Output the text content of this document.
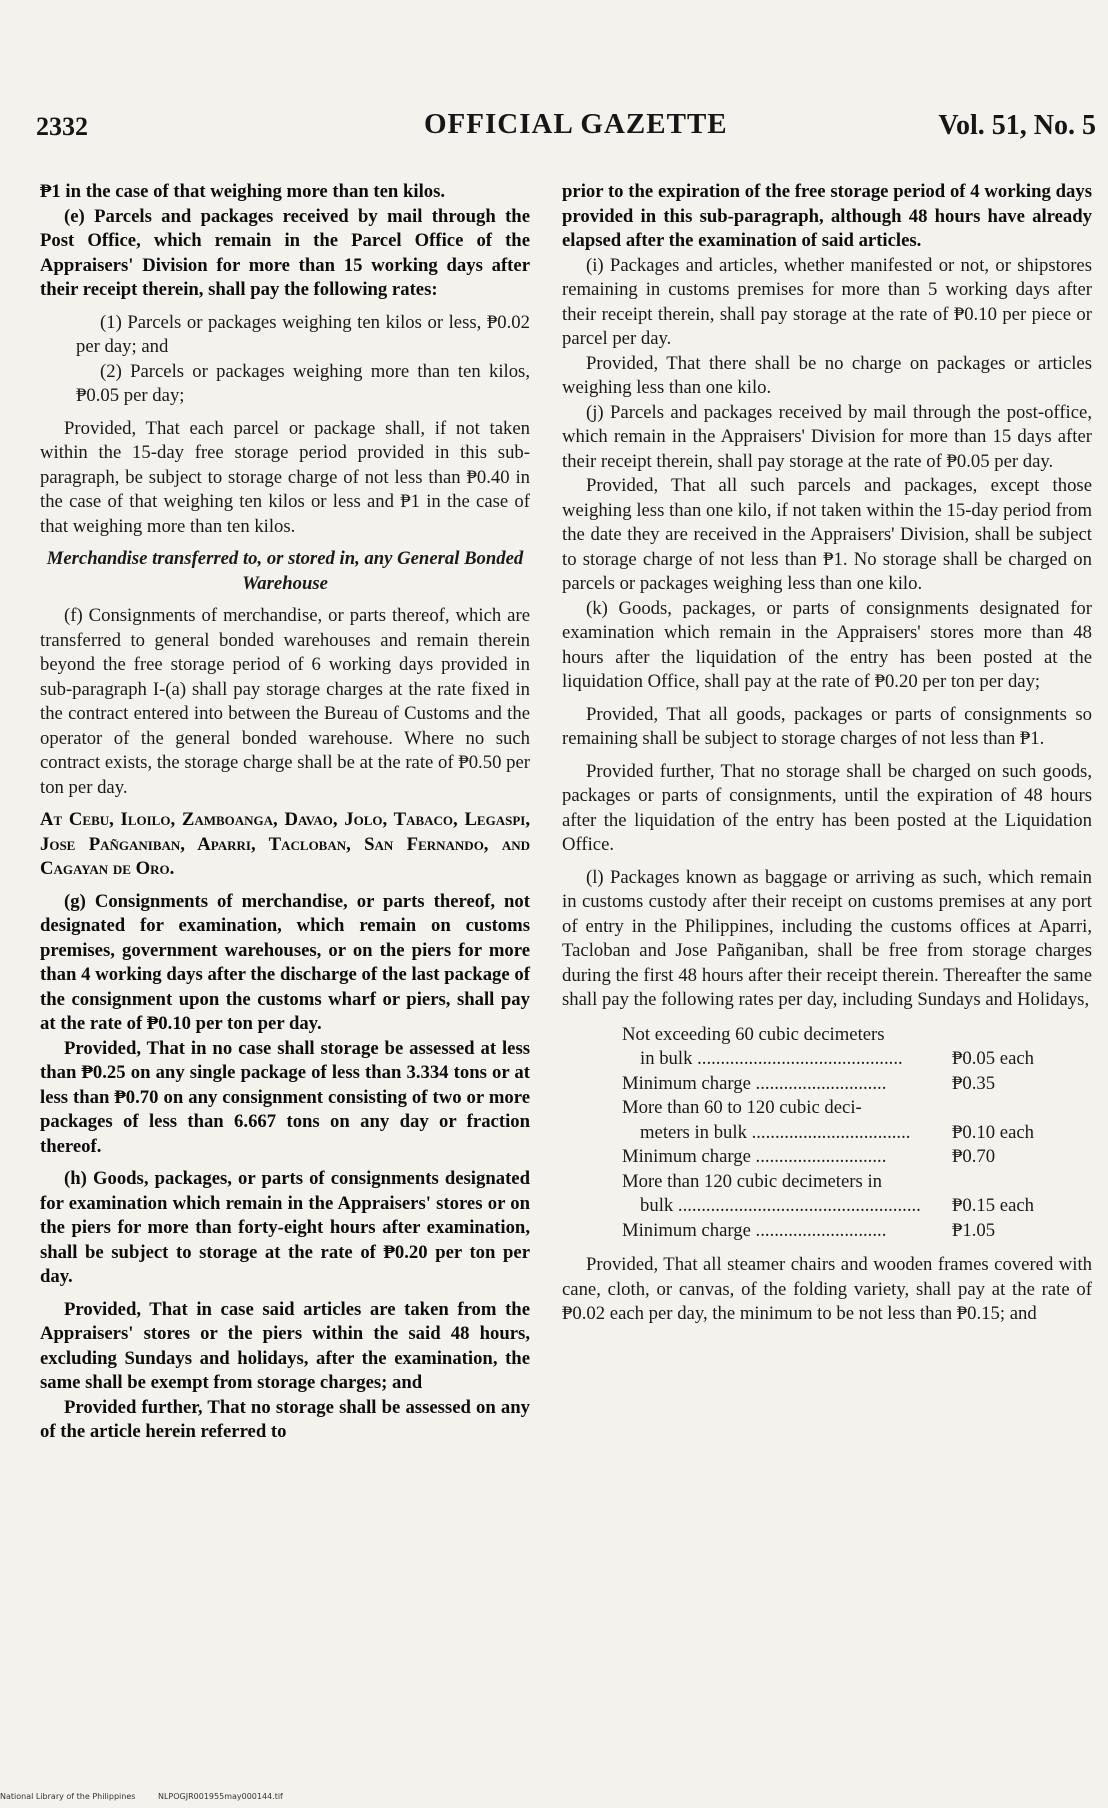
2332	OFFICIAL GAZETTE	Vol. 51, No. 5

₱1 in the case of that weighing more than ten kilos.

(e) Parcels and packages received by mail through the Post Office, which remain in the Parcel Office of the Appraisers' Division for more than 15 working days after their receipt therein, shall pay the following rates:

(1) Parcels or packages weighing ten kilos or less, ₱0.02 per day; and

(2) Parcels or packages weighing more than ten kilos, ₱0.05 per day;

Provided, That each parcel or package shall, if not taken within the 15-day free storage period provided in this sub-paragraph, be subject to storage charge of not less than ₱0.40 in the case of that weighing ten kilos or less and ₱1 in the case of that weighing more than ten kilos.

Merchandise transferred to, or stored in, any General Bonded Warehouse

(f) Consignments of merchandise, or parts thereof, which are transferred to general bonded warehouses and remain therein beyond the free storage period of 6 working days provided in sub-paragraph I-(a) shall pay storage charges at the rate fixed in the contract entered into between the Bureau of Customs and the operator of the general bonded warehouse. Where no such contract exists, the storage charge shall be at the rate of ₱0.50 per ton per day.

At Cebu, Iloilo, Zamboanga, Davao, Jolo, Tabaco, Legaspi, Jose Pañganiban, Aparri, Tacloban, San Fernando, and Cagayan de Oro.

(g) Consignments of merchandise, or parts thereof, not designated for examination, which remain on customs premises, government warehouses, or on the piers for more than 4 working days after the discharge of the last package of the consignment upon the customs wharf or piers, shall pay at the rate of ₱0.10 per ton per day.

Provided, That in no case shall storage be assessed at less than ₱0.25 on any single package of less than 3.334 tons or at less than ₱0.70 on any consignment consisting of two or more packages of less than 6.667 tons on any day or fraction thereof.

(h) Goods, packages, or parts of consignments designated for examination which remain in the Appraisers' stores or on the piers for more than forty-eight hours after examination, shall be subject to storage at the rate of ₱0.20 per ton per day.

Provided, That in case said articles are taken from the Appraisers' stores or the piers within the said 48 hours, excluding Sundays and holidays, after the examination, the same shall be exempt from storage charges; and

Provided further, That no storage shall be assessed on any of the article herein referred to

prior to the expiration of the free storage period of 4 working days provided in this sub-paragraph, although 48 hours have already elapsed after the examination of said articles.

(i) Packages and articles, whether manifested or not, or shipstores remaining in customs premises for more than 5 working days after their receipt therein, shall pay storage at the rate of ₱0.10 per piece or parcel per day.

Provided, That there shall be no charge on packages or articles weighing less than one kilo.

(j) Parcels and packages received by mail through the post-office, which remain in the Appraisers' Division for more than 15 days after their receipt therein, shall pay storage at the rate of ₱0.05 per day.

Provided, That all such parcels and packages, except those weighing less than one kilo, if not taken within the 15-day period from the date they are received in the Appraisers' Division, shall be subject to storage charge of not less than ₱1. No storage shall be charged on parcels or packages weighing less than one kilo.

(k) Goods, packages, or parts of consignments designated for examination which remain in the Appraisers' stores more than 48 hours after the liquidation of the entry has been posted at the liquidation Office, shall pay at the rate of ₱0.20 per ton per day;

Provided, That all goods, packages or parts of consignments so remaining shall be subject to storage charges of not less than ₱1.

Provided further, That no storage shall be charged on such goods, packages or parts of consignments, until the expiration of 48 hours after the liquidation of the entry has been posted at the Liquidation Office.

(l) Packages known as baggage or arriving as such, which remain in customs custody after their receipt on customs premises at any port of entry in the Philippines, including the customs offices at Aparri, Tacloban and Jose Pañganiban, shall be free from storage charges during the first 48 hours after their receipt therein. Thereafter the same shall pay the following rates per day, including Sundays and Holidays,

Not exceeding 60 cubic decimeters
in bulk ............................................	₱0.05 each
Minimum charge ............................	₱0.35
More than 60 to 120 cubic deci-
meters in bulk ..................................	₱0.10 each
Minimum charge ............................	₱0.70
More than 120 cubic decimeters in
bulk ....................................................	₱0.15 each
Minimum charge ............................	₱1.05

Provided, That all steamer chairs and wooden frames covered with cane, cloth, or canvas, of the folding variety, shall pay at the rate of ₱0.02 each per day, the minimum to be not less than ₱0.15; and

National Library of the Philippines	NLPOGJR001955may000144.tif
